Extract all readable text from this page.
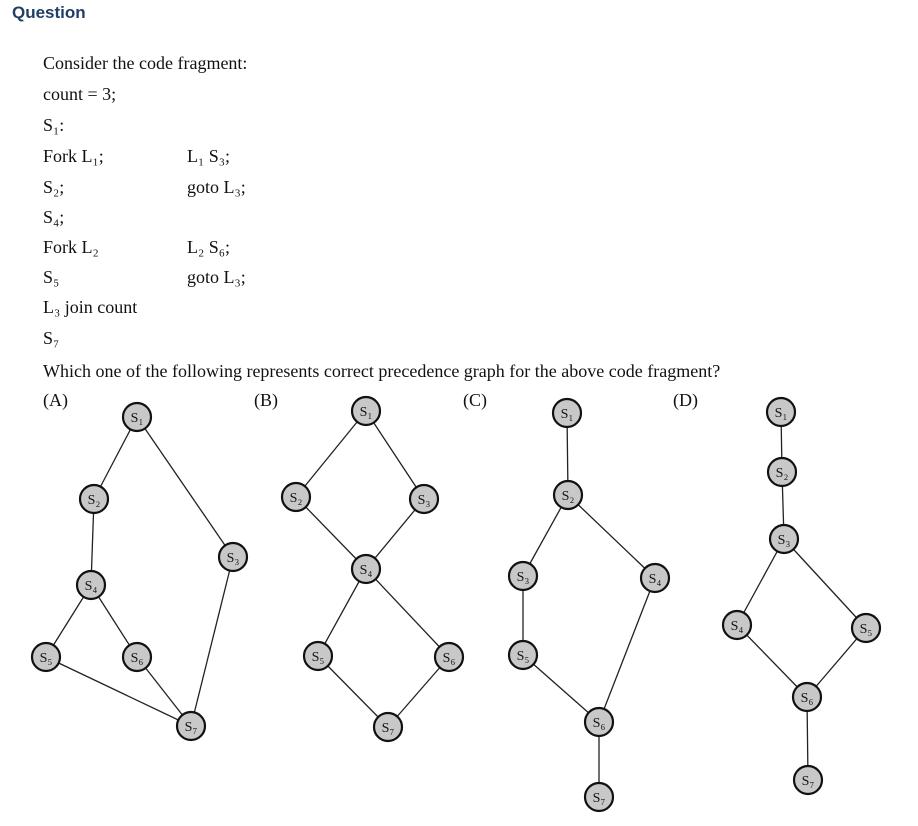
Question
Consider the code fragment:
count = 3;
S₁:
Fork L₁;	L₁ S₃;
S₂;	goto L₃;
S₄;
Fork L₂	L₂ S₆;
S₅	goto L₃;
L₃ join count
S₇
Which one of the following represents correct precedence graph for the above code fragment?
(A)	(B)	(C)	(D)
S₁
S₂
S₃
S₄
S₅	S₆
S₇
S₁
S₂	S₃
S₄
S₅	S₆
S₇
S₁
S₂
S₃	S₄
S₅
S₆
S₇
S₁
S₂
S₃
S₄	S₅
S₆
S₇
